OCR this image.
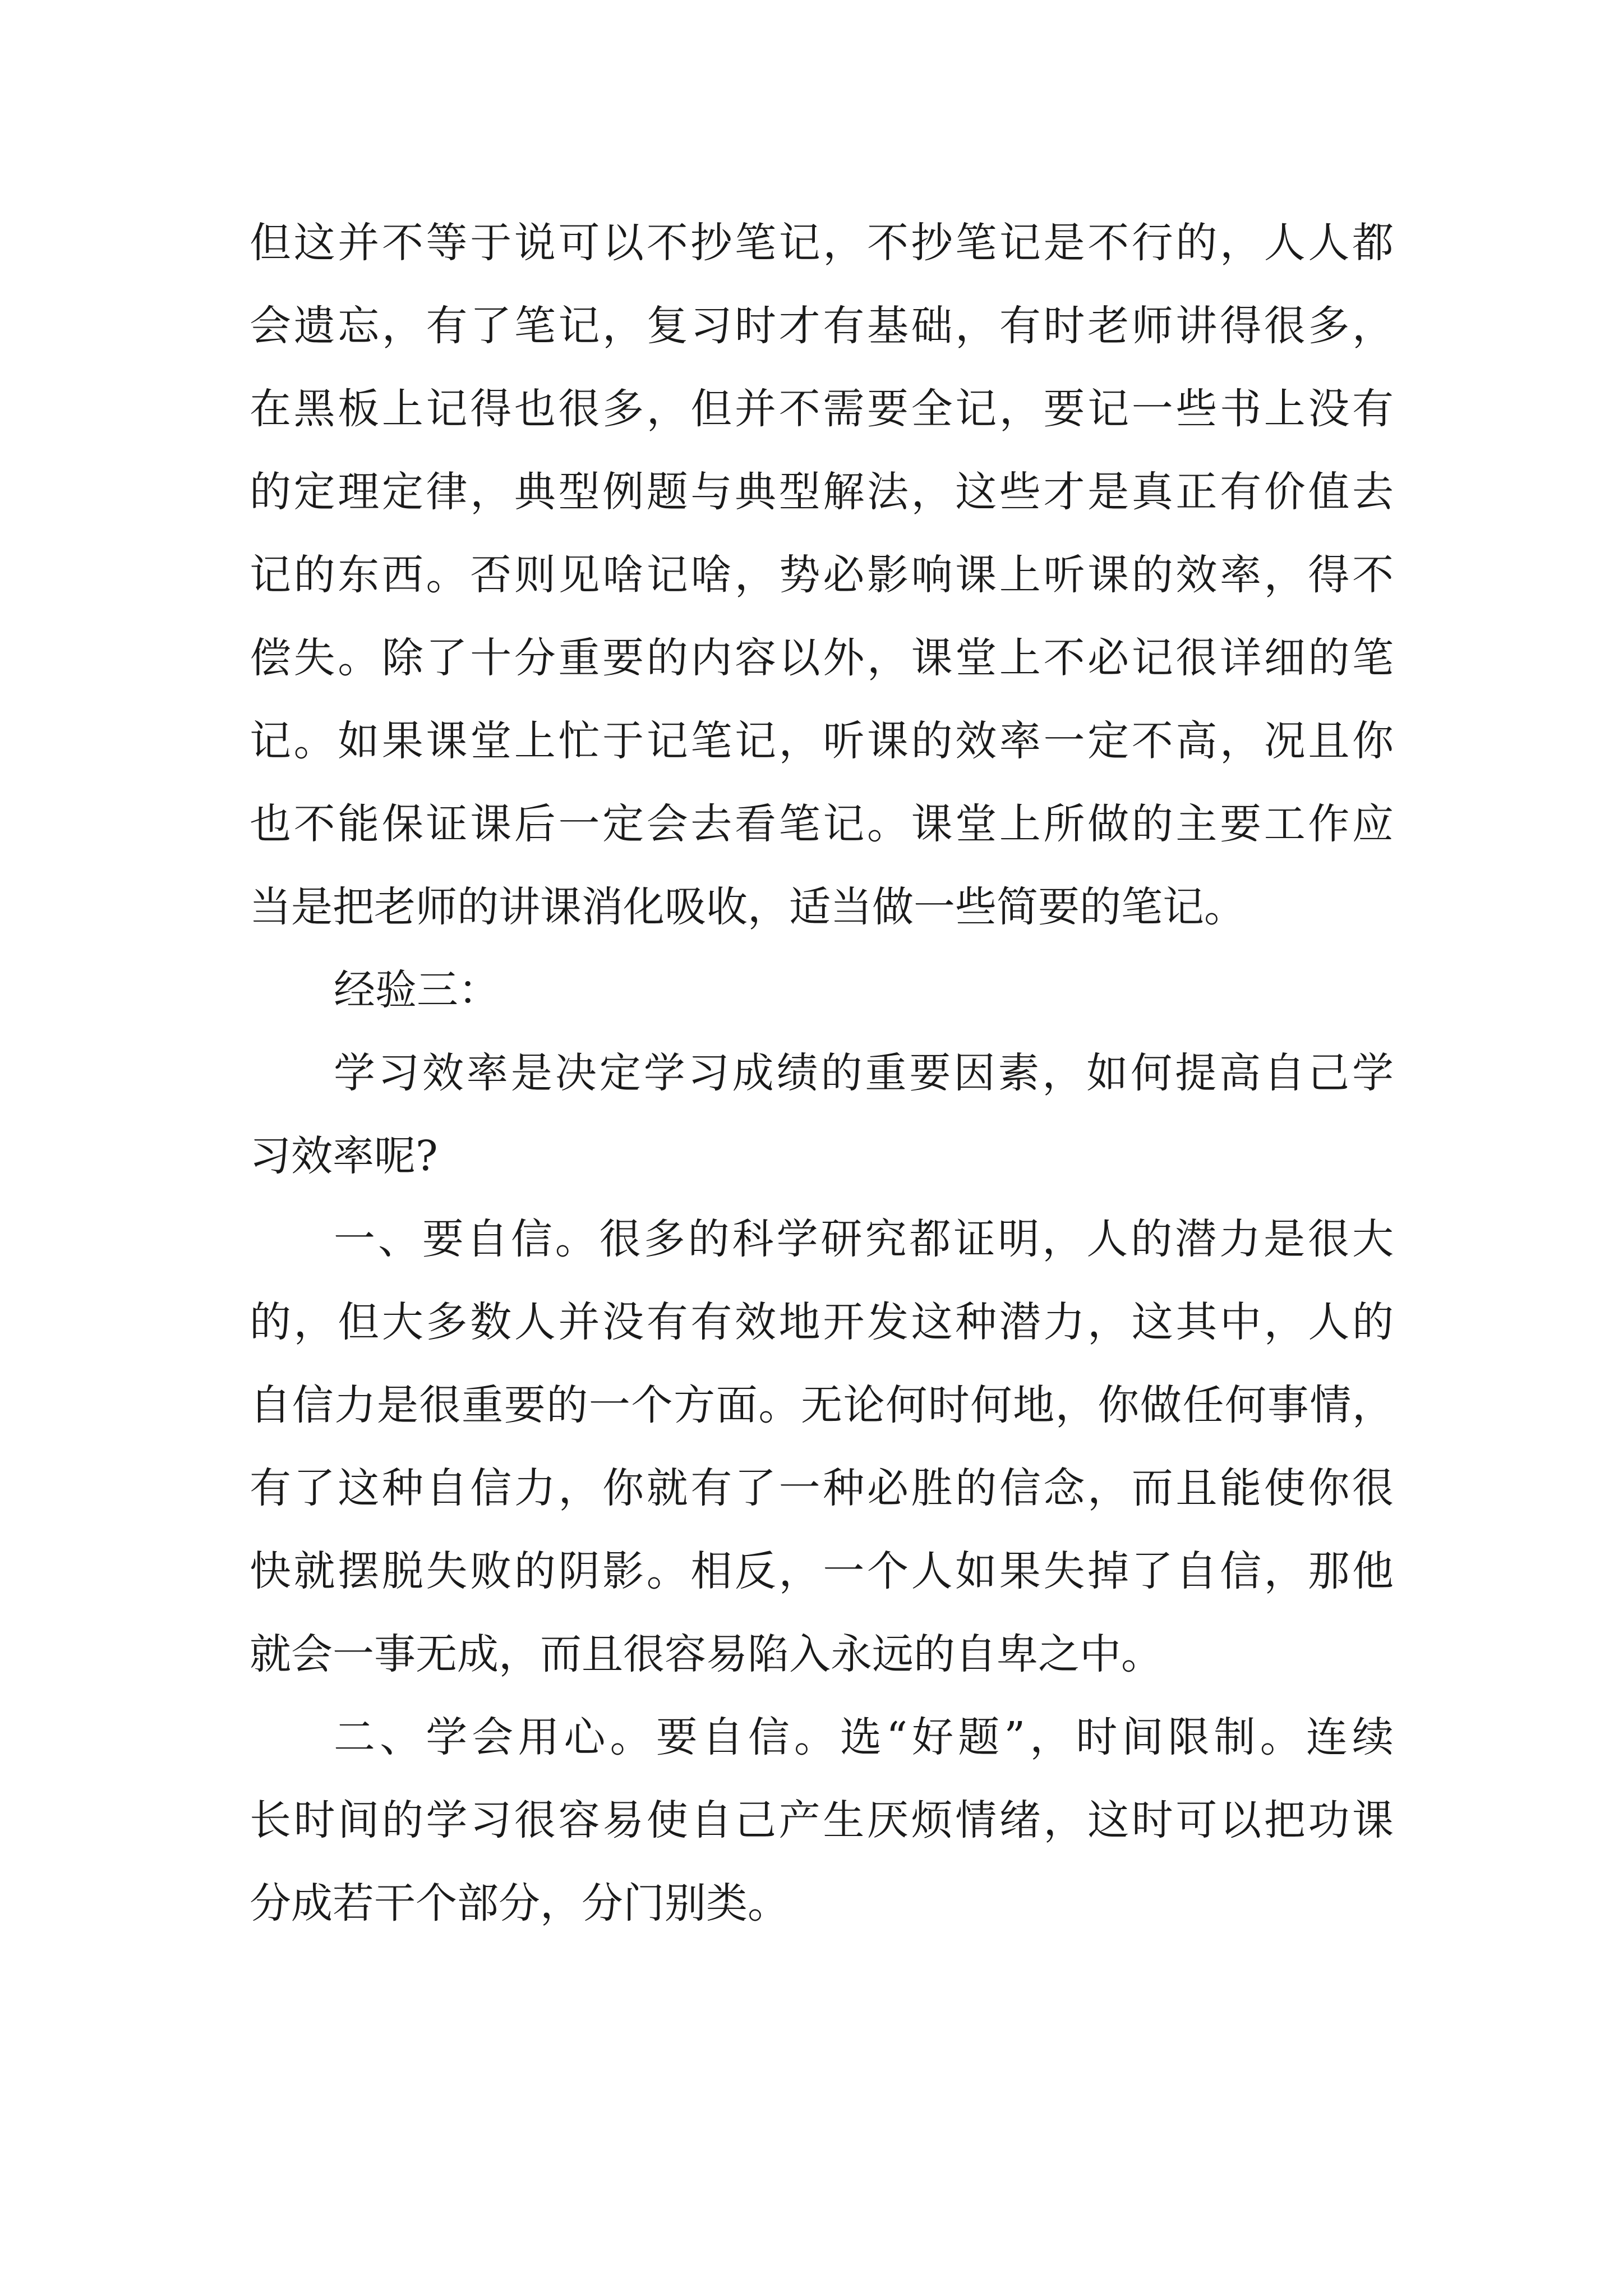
但这并不等于说可以不抄笔记，不抄笔记是不行的，人人都
会遗忘，有了笔记，复习时才有基础，有时老师讲得很多，
在黑板上记得也很多，但并不需要全记，要记一些书上没有
的定理定律，典型例题与典型解法，这些才是真正有价值去
记的东西。否则见啥记啥，势必影响课上听课的效率，得不
偿失。除了十分重要的内容以外，课堂上不必记很详细的笔
记。如果课堂上忙于记笔记，听课的效率一定不高，况且你
也不能保证课后一定会去看笔记。课堂上所做的主要工作应
当是把老师的讲课消化吸收，适当做一些简要的笔记。
经验三：
学习效率是决定学习成绩的重要因素，如何提高自己学
习效率呢?
一、要自信。很多的科学研究都证明，人的潜力是很大
的，但大多数人并没有有效地开发这种潜力，这其中，人的
自信力是很重要的一个方面。无论何时何地，你做任何事情，
有了这种自信力，你就有了一种必胜的信念，而且能使你很
快就摆脱失败的阴影。相反，一个人如果失掉了自信，那他
就会一事无成，而且很容易陷入永远的自卑之中。
二、学会用心。要自信。选“好题”，时间限制。连续
长时间的学习很容易使自己产生厌烦情绪，这时可以把功课
分成若干个部分，分门别类。
